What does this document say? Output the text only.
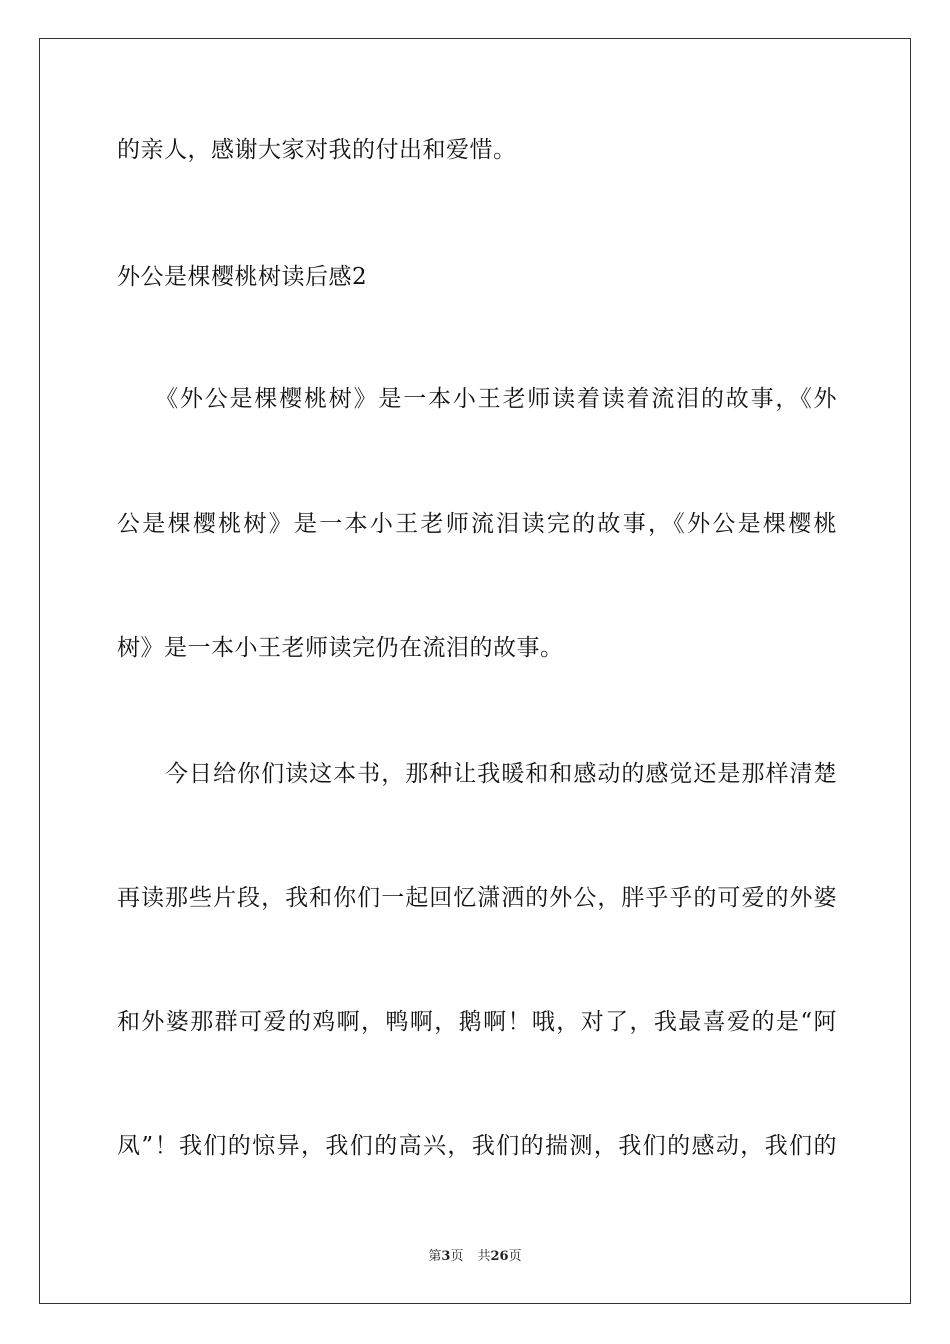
的亲人，感谢大家对我的付出和爱惜。
外公是棵樱桃树读后感2
　　《外公是棵樱桃树》是一本小王老师读着读着流泪的故事，《外
公是棵樱桃树》是一本小王老师流泪读完的故事，《外公是棵樱桃
树》是一本小王老师读完仍在流泪的故事。
　　今日给你们读这本书，那种让我暖和和感动的感觉还是那样清楚
再读那些片段，我和你们一起回忆潇洒的外公，胖乎乎的可爱的外婆
和外婆那群可爱的鸡啊，鸭啊，鹅啊！哦，对了，我最喜爱的是“阿
凤”！我们的惊异，我们的高兴，我们的揣测，我们的感动，我们的
第3页 共26页
